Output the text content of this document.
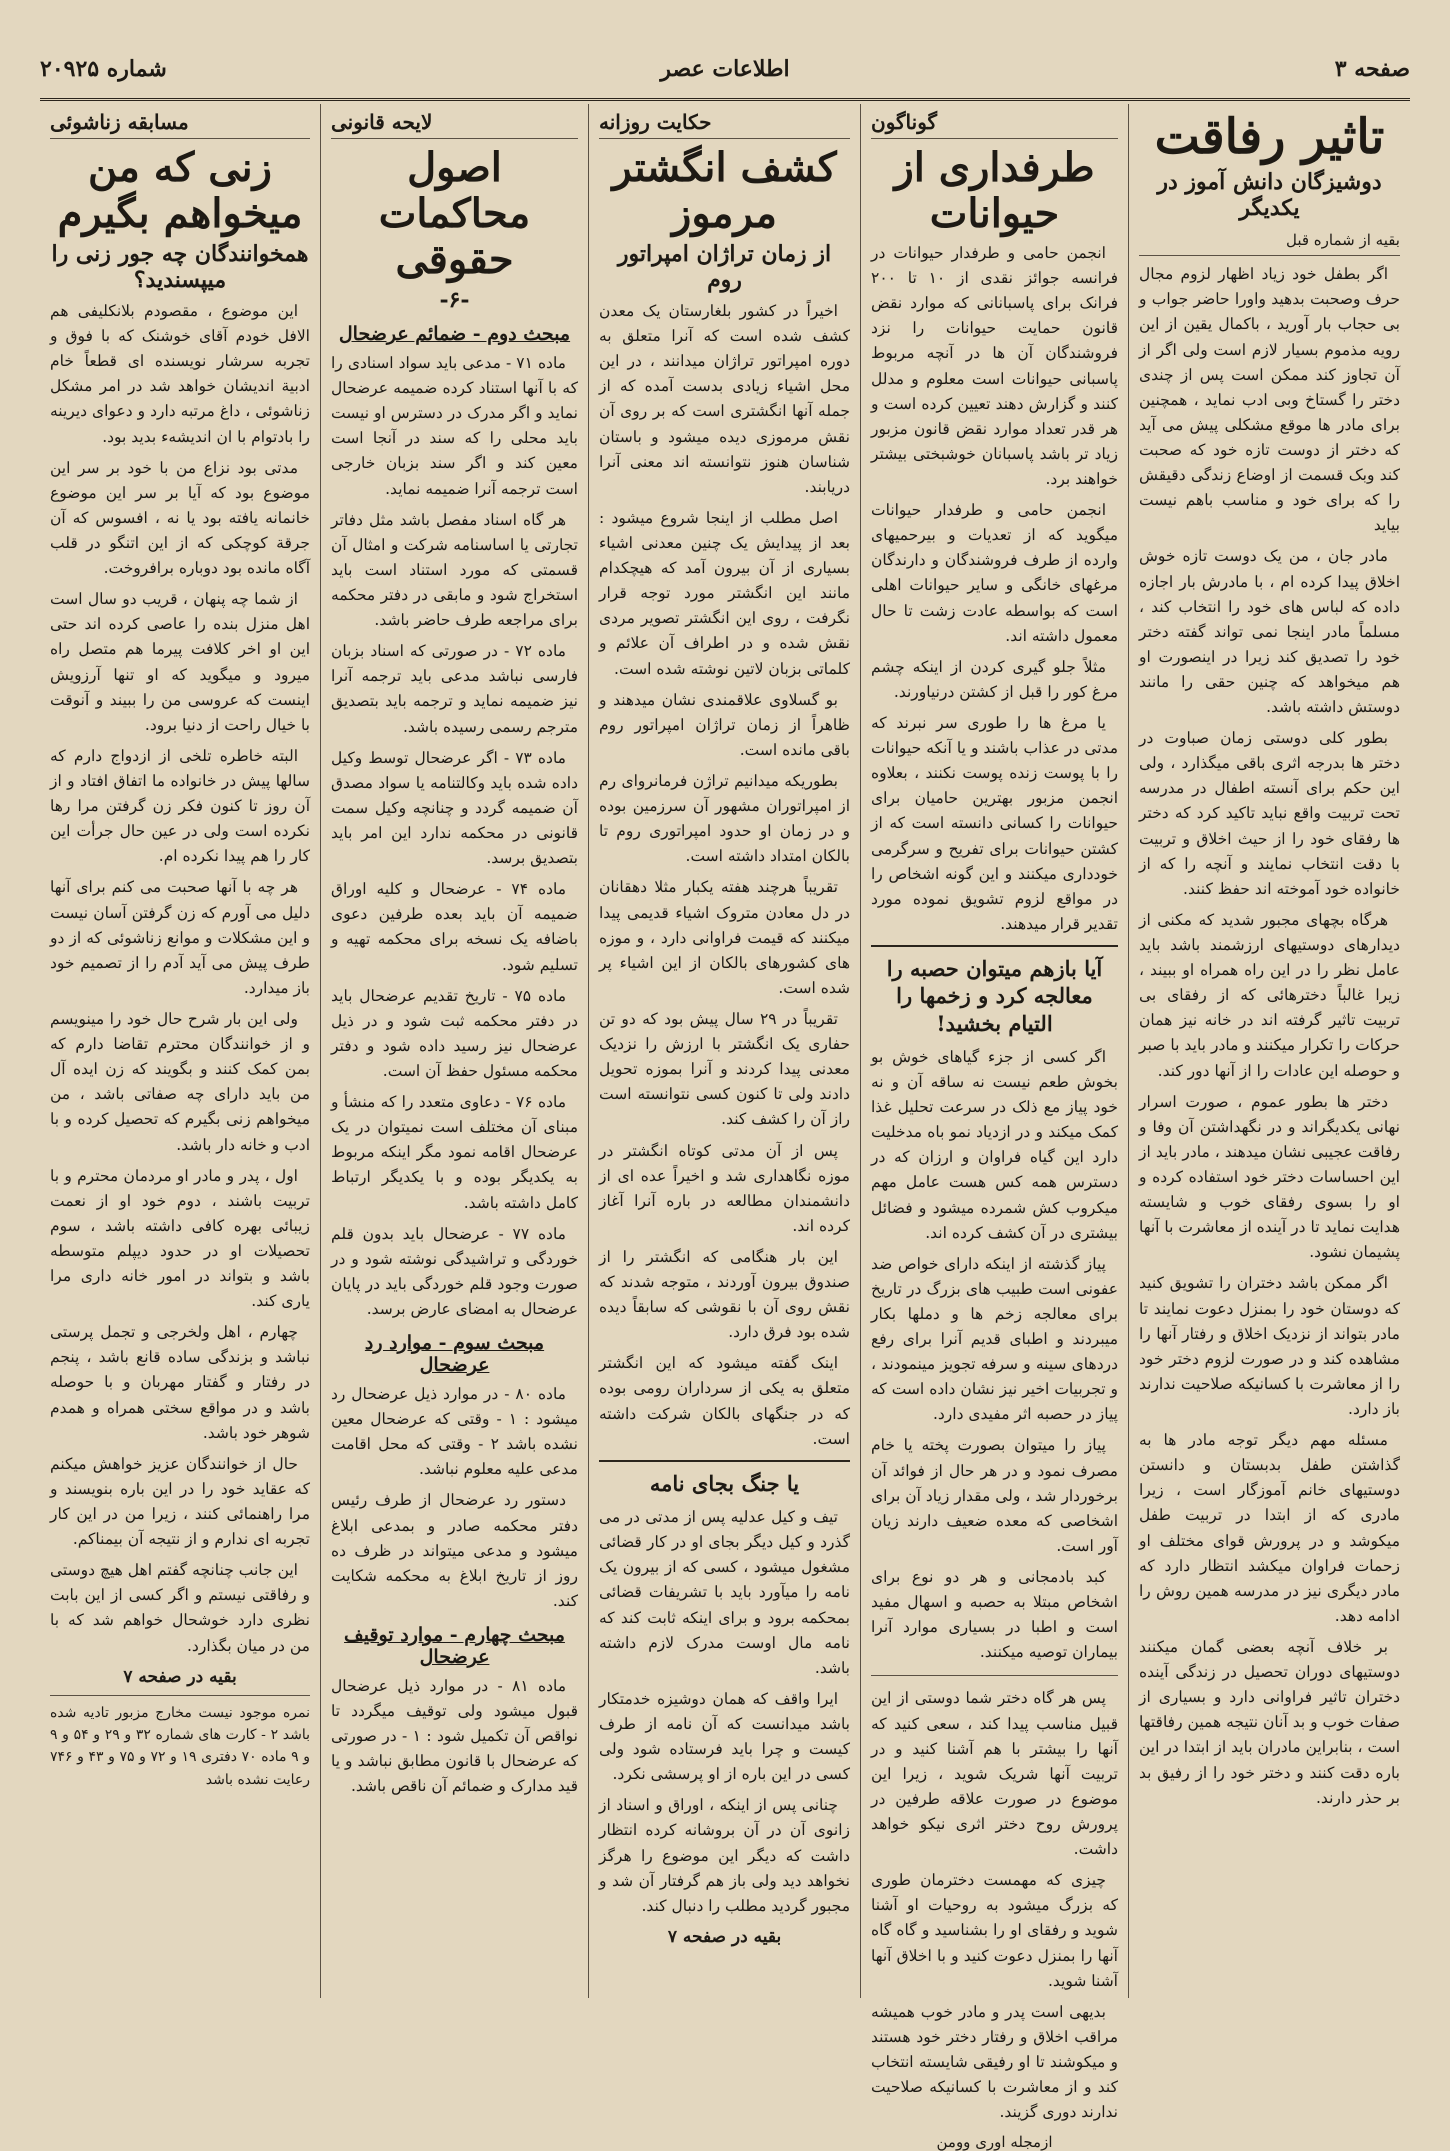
صفحه ۳
اطلاعات عصر
شماره ۲۰۹۲۵
تاثیر رفاقت
دوشیزگان دانش آموز در یکدیگر
بقیه از شماره قبل

اگر بطفل خود زیاد اظهار لزوم مجال حرف وصحبت بدهید واورا حاضر جواب و بی حجاب بار آورید ، باکمال یقین از این رویه مذموم بسیار لازم است ولی اگر از آن تجاوز کند ممکن است پس از چندی دختر را گستاخ وبی ادب نماید ، همچنین برای مادر ها موقع مشکلی پیش می آید که دختر از دوست تازه خود که صحبت کند وبک قسمت از اوضاع زندگی دقیقش را که برای خود و مناسب باهم نیست بیاید

مادر جان ، من یک دوست تازه خوش اخلاق پیدا کرده ام ، با مادرش بار اجازه داده که لباس های خود را انتخاب کند ، مسلماً مادر اینجا نمی تواند گفته دختر خود را تصدیق کند زیرا در اینصورت او هم میخواهد که چنین حقی را مانند دوستش داشته باشد.

بطور کلی دوستی زمان صباوت در دختر ها بدرجه اثری باقی میگذارد ، ولی این حکم برای آنسته اطفال در مدرسه تحت تربیت واقع نباید تاکید کرد که دختر ها رفقای خود را از حیث اخلاق و تربیت با دقت انتخاب نمایند و آنچه را که از خانواده خود آموخته اند حفظ کنند.

هرگاه بچهای مجبور شدید که مکنی از دیدارهای دوستیهای ارزشمند باشد باید عامل نظر را در این راه همراه او ببیند ، زیرا غالباً دخترهائی که از رفقای بی تربیت تاثیر گرفته اند در خانه نیز همان حرکات را تکرار میکنند و مادر باید با صبر و حوصله این عادات را از آنها دور کند.

دختر ها بطور عموم ، صورت اسرار نهانی یکدیگراند و در نگهداشتن آن وفا و رفاقت عجیبی نشان میدهند ، مادر باید از این احساسات دختر خود استفاده کرده و او را بسوی رفقای خوب و شایسته هدایت نماید تا در آینده از معاشرت با آنها پشیمان نشود.

اگر ممکن باشد دختران را تشویق کنید که دوستان خود را بمنزل دعوت نمایند تا مادر بتواند از نزدیک اخلاق و رفتار آنها را مشاهده کند و در صورت لزوم دختر خود را از معاشرت با کسانیکه صلاحیت ندارند باز دارد.

مسئله مهم دیگر توجه مادر ها به گذاشتن طفل بدبستان و دانستن دوستیهای خانم آموزگار است ، زیرا مادری که از ابتدا در تربیت طفل میکوشد و در پرورش قوای مختلف او زحمات فراوان میکشد انتظار دارد که مادر دیگری نیز در مدرسه همین روش را ادامه دهد.

بر خلاف آنچه بعضی گمان میکنند دوستیهای دوران تحصیل در زندگی آینده دختران تاثیر فراوانی دارد و بسیاری از صفات خوب و بد آنان نتیجه همین رفاقتها است ، بنابراین مادران باید از ابتدا در این باره دقت کنند و دختر خود را از رفیق بد بر حذر دارند.

گوناگون
طرفداری از حیوانات

انجمن حامی و طرفدار حیوانات در فرانسه جوائز نقدی از ۱۰ تا ۲۰۰ فرانک برای پاسبانانی که موارد نقض قانون حمایت حیوانات را نزد فروشندگان آن ها در آنچه مربوط پاسبانی حیوانات است معلوم و مدلل کنند و گزارش دهند تعیین کرده است و هر قدر تعداد موارد نقض قانون مزبور زیاد تر باشد پاسبانان خوشبختی بیشتر خواهند برد.

انجمن حامی و طرفدار حیوانات میگوید که از تعدیات و بیرحمیهای وارده از طرف فروشندگان و دارندگان مرغهای خانگی و سایر حیوانات اهلی است که بواسطه عادت زشت تا حال معمول داشته اند.

مثلاً جلو گیری کردن از اینکه چشم مرغ کور را قبل از کشتن درنیاورند.

یا مرغ ها را طوری سر نبرند که مدتی در عذاب باشند و یا آنکه حیوانات را با پوست زنده پوست نکنند ، بعلاوه انجمن مزبور بهترین حامیان برای حیوانات را کسانی دانسته است که از کشتن حیوانات برای تفریح و سرگرمی خودداری میکنند و این گونه اشخاص را در مواقع لزوم تشویق نموده مورد تقدیر قرار میدهند.

آیا بازهم میتوان حصبه را معالجه کرد و زخمها را التیام بخشید!

اگر کسی از جزء گیاهای خوش بو بخوش طعم نیست نه ساقه آن و نه خود پیاز مع ذلک در سرعت تحلیل غذا کمک میکند و در ازدیاد نمو باه مدخلیت دارد این گیاه فراوان و ارزان که در دسترس همه کس هست عامل مهم میکروب کش شمرده میشود و فضائل بیشتری در آن کشف کرده اند.

پیاز گذشته از اینکه دارای خواص ضد عفونی است طبیب های بزرگ در تاریخ برای معالجه زخم ها و دملها بکار میبردند و اطبای قدیم آنرا برای رفع دردهای سینه و سرفه تجویز مینمودند ، و تجربیات اخیر نیز نشان داده است که پیاز در حصبه اثر مفیدی دارد.

پیاز را میتوان بصورت پخته یا خام مصرف نمود و در هر حال از فوائد آن برخوردار شد ، ولی مقدار زیاد آن برای اشخاصی که معده ضعیف دارند زیان آور است.

کبد بادمجانی و هر دو نوع برای اشخاص مبتلا به حصبه و اسهال مفید است و اطبا در بسیاری موارد آنرا بیماران توصیه میکنند.

پس هر گاه دختر شما دوستی از این قبیل مناسب پیدا کند ، سعی کنید که آنها را بیشتر با هم آشنا کنید و در تربیت آنها شریک شوید ، زیرا این موضوع در صورت علاقه طرفین در پرورش روح دختر اثری نیکو خواهد داشت.

چیزی که مهمست دخترمان طوری که بزرگ میشود به روحیات او آشنا شوید و رفقای او را بشناسید و گاه گاه آنها را بمنزل دعوت کنید و با اخلاق آنها آشنا شوید.

بدیهی است پدر و مادر خوب همیشه مراقب اخلاق و رفتار دختر خود هستند و میکوشند تا او رفیقی شایسته انتخاب کند و از معاشرت با کسانیکه صلاحیت ندارند دوری گزیند.

ازمجله اوری وومن
حکایت روزانه
کشف انگشتر مرموز
از زمان تراژان امپراتور روم

اخیراً در کشور بلغارستان یک معدن کشف شده است که آنرا متعلق به دوره امپراتور تراژان میدانند ، در این محل اشیاء زیادی بدست آمده که از جمله آنها انگشتری است که بر روی آن نقش مرموزی دیده میشود و باستان شناسان هنوز نتوانسته اند معنی آنرا دریابند.

اصل مطلب از اینجا شروع میشود : بعد از پیدایش یک چنین معدنی اشیاء بسیاری از آن بیرون آمد که هیچکدام مانند این انگشتر مورد توجه قرار نگرفت ، روی این انگشتر تصویر مردی نقش شده و در اطراف آن علائم و کلماتی بزبان لاتین نوشته شده است.

بو گسلاوی علاقمندی نشان میدهند و ظاهراً از زمان تراژان امپراتور روم باقی مانده است.

بطوریکه میدانیم تراژن فرمانروای رم از امپراتوران مشهور آن سرزمین بوده و در زمان او حدود امپراتوری روم تا بالکان امتداد داشته است.

تقریباً هرچند هفته یکبار مثلا دهقانان در دل معادن متروک اشیاء قدیمی پیدا میکنند که قیمت فراوانی دارد ، و موزه های کشورهای بالکان از این اشیاء پر شده است.

تقریباً در ۲۹ سال پیش بود که دو تن حفاری یک انگشتر با ارزش را نزدیک معدنی پیدا کردند و آنرا بموزه تحویل دادند ولی تا کنون کسی نتوانسته است راز آن را کشف کند.

پس از آن مدتی کوتاه انگشتر در موزه نگاهداری شد و اخیراً عده ای از دانشمندان مطالعه در باره آنرا آغاز کرده اند.

این بار هنگامی که انگشتر را از صندوق بیرون آوردند ، متوجه شدند که نقش روی آن با نقوشی که سابقاً دیده شده بود فرق دارد.

اینک گفته میشود که این انگشتر متعلق به یکی از سرداران رومی بوده که در جنگهای بالکان شرکت داشته است.

یا جنگ بجای نامه

تیف و کیل عدلیه پس از مدتی در می گذرد و کیل دیگر بجای او در کار قضائی مشغول میشود ، کسی که از بیرون یک نامه را میآورد باید با تشریفات قضائی بمحکمه برود و برای اینکه ثابت کند که نامه مال اوست مدرک لازم داشته باشد.

ایرا واقف که همان دوشیزه خدمتکار باشد میدانست که آن نامه از طرف کیست و چرا باید فرستاده شود ولی کسی در این باره از او پرسشی نکرد.

چنانی پس از اینکه ، اوراق و اسناد از زانوی آن در آن بروشانه کرده انتظار داشت که دیگر این موضوع را هرگز نخواهد دید ولی باز هم گرفتار آن شد و مجبور گردید مطلب را دنبال کند.

بقیه در صفحه ۷
لایحه قانونی
اصول محاکمات حقوقی
-۶-
مبحث دوم - ضمائم عرضحال

ماده ۷۱ - مدعی باید سواد اسنادی را که با آنها استناد کرده ضمیمه عرضحال نماید و اگر مدرک در دسترس او نیست باید محلی را که سند در آنجا است معین کند و اگر سند بزبان خارجی است ترجمه آنرا ضمیمه نماید.

هر گاه اسناد مفصل باشد مثل دفاتر تجارتی یا اساسنامه شرکت و امثال آن قسمتی که مورد استناد است باید استخراج شود و مابقی در دفتر محکمه برای مراجعه طرف حاضر باشد.

ماده ۷۲ - در صورتی که اسناد بزبان فارسی نباشد مدعی باید ترجمه آنرا نیز ضمیمه نماید و ترجمه باید بتصدیق مترجم رسمی رسیده باشد.

ماده ۷۳ - اگر عرضحال توسط وکیل داده شده باید وکالتنامه یا سواد مصدق آن ضمیمه گردد و چنانچه وکیل سمت قانونی در محکمه ندارد این امر باید بتصدیق برسد.

ماده ۷۴ - عرضحال و کلیه اوراق ضمیمه آن باید بعده طرفین دعوی باضافه یک نسخه برای محکمه تهیه و تسلیم شود.

ماده ۷۵ - تاریخ تقدیم عرضحال باید در دفتر محکمه ثبت شود و در ذیل عرضحال نیز رسید داده شود و دفتر محکمه مسئول حفظ آن است.

ماده ۷۶ - دعاوی متعدد را که منشأ و مبنای آن مختلف است نمیتوان در یک عرضحال اقامه نمود مگر اینکه مربوط به یکدیگر بوده و با یکدیگر ارتباط کامل داشته باشد.

ماده ۷۷ - عرضحال باید بدون قلم خوردگی و تراشیدگی نوشته شود و در صورت وجود قلم خوردگی باید در پایان عرضحال به امضای عارض برسد.

مبحث سوم - موارد رد عرضحال

ماده ۸۰ - در موارد ذیل عرضحال رد میشود : ۱ - وقتی که عرضحال معین نشده باشد ۲ - وقتی که محل اقامت مدعی علیه معلوم نباشد.

دستور رد عرضحال از طرف رئیس دفتر محکمه صادر و بمدعی ابلاغ میشود و مدعی میتواند در ظرف ده روز از تاریخ ابلاغ به محکمه شکایت کند.

مبحث چهارم - موارد توقیف عرضحال

ماده ۸۱ - در موارد ذیل عرضحال قبول میشود ولی توقیف میگردد تا نواقص آن تکمیل شود : ۱ - در صورتی که عرضحال با قانون مطابق نباشد و یا قید مدارک و ضمائم آن ناقص باشد.

مسابقه زناشوئی
زنی که من میخواهم بگیرم
همخوانندگان چه جور زنی را میپسندید؟

این موضوع ، مقصودم بلانکلیفی هم الافل خودم آقای خوشنک که با فوق و تجربه سرشار نویسنده ای قطعاً خام ادبیة اندیشان خواهد شد در امر مشکل زناشوئی ، داغ مرتبه دارد و دعوای دیرینه را بادتوام با ان اندیشهء بدید بود.

مدتی بود نزاع من با خود بر سر این موضوع بود که آیا بر سر این موضوع خانمانه یافته بود یا نه ، افسوس که آن جرقة کوچکی که از این اتنگو در قلب آگاه مانده بود دوباره برافروخت.

از شما چه پنهان ، قریب دو سال است اهل منزل بنده را عاصی کرده اند حتی این او اخر کلافت پیرما هم متصل راه میرود و میگوید که او تنها آرزویش اینست که عروسی من را ببیند و آنوقت با خیال راحت از دنیا برود.

البته خاطره تلخی از ازدواج دارم که سالها پیش در خانواده ما اتفاق افتاد و از آن روز تا کنون فکر زن گرفتن مرا رها نکرده است ولی در عین حال جرأت این کار را هم پیدا نکرده ام.

هر چه با آنها صحبت می کنم برای آنها دلیل می آورم که زن گرفتن آسان نیست و این مشکلات و موانع زناشوئی که از دو طرف پیش می آید آدم را از تصمیم خود باز میدارد.

ولی این بار شرح حال خود را مینویسم و از خوانندگان محترم تقاضا دارم که بمن کمک کنند و بگویند که زن ایده آل من باید دارای چه صفاتی باشد ، من میخواهم زنی بگیرم که تحصیل کرده و با ادب و خانه دار باشد.

اول ، پدر و مادر او مردمان محترم و با تربیت باشند ، دوم خود او از نعمت زیبائی بهره کافی داشته باشد ، سوم تحصیلات او در حدود دیپلم متوسطه باشد و بتواند در امور خانه داری مرا یاری کند.

چهارم ، اهل ولخرجی و تجمل پرستی نباشد و بزندگی ساده قانع باشد ، پنجم در رفتار و گفتار مهربان و با حوصله باشد و در مواقع سختی همراه و همدم شوهر خود باشد.

حال از خوانندگان عزیز خواهش میکنم که عقاید خود را در این باره بنویسند و مرا راهنمائی کنند ، زیرا من در این کار تجربه ای ندارم و از نتیجه آن بیمناکم.

این جانب چنانچه گفتم اهل هیچ دوستی و رفاقتی نیستم و اگر کسی از این بابت نظری دارد خوشحال خواهم شد که با من در میان بگذارد.

بقیه در صفحه ۷
نمره موجود نیست مخارج مزبور تادیه شده باشد ۲ - کارت های شماره ۳۲ و ۲۹ و ۵۴ و ۹ و ۹ ماده ۷۰ دفتری ۱۹ و ۷۲ و ۷۵ و ۴۳ و ۷۴۶ رعایت نشده باشد
